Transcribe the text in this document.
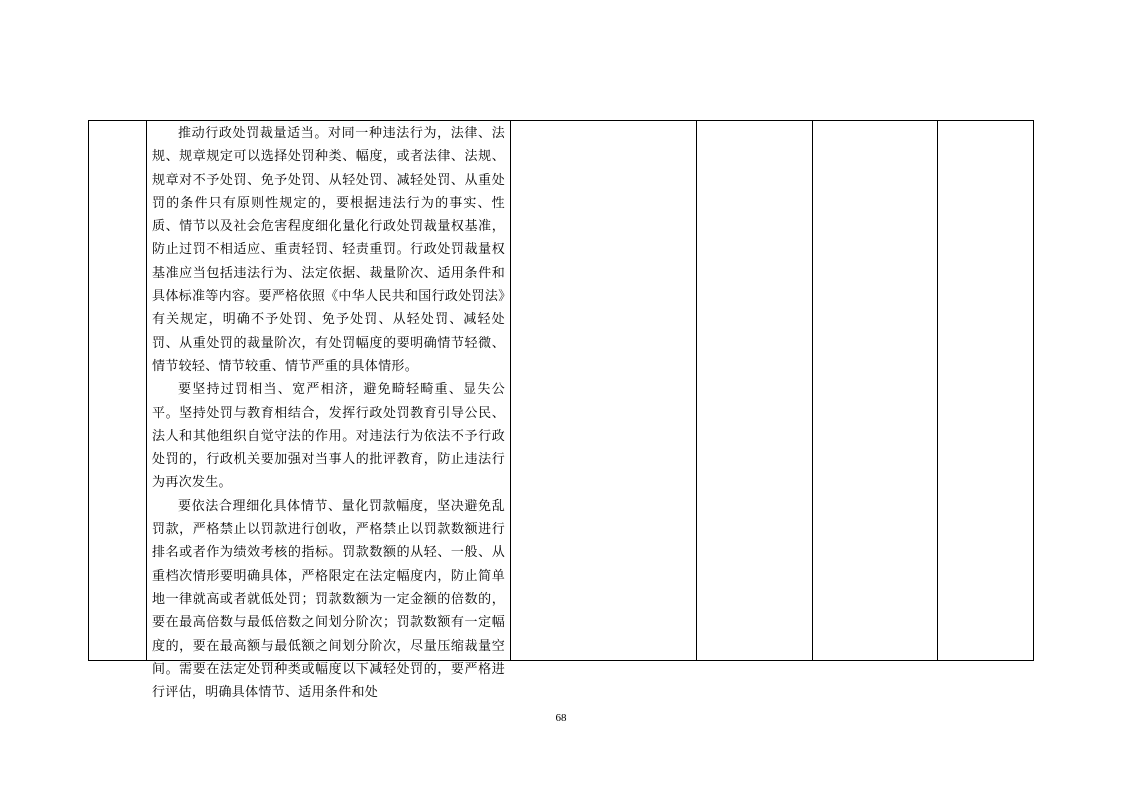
推动行政处罚裁量适当。对同一种违法行为，法律、法规、规章规定可以选择处罚种类、幅度，或者法律、法规、规章对不予处罚、免予处罚、从轻处罚、减轻处罚、从重处罚的条件只有原则性规定的，要根据违法行为的事实、性质、情节以及社会危害程度细化量化行政处罚裁量权基准，防止过罚不相适应、重责轻罚、轻责重罚。行政处罚裁量权基准应当包括违法行为、法定依据、裁量阶次、适用条件和具体标准等内容。要严格依照《中华人民共和国行政处罚法》有关规定，明确不予处罚、免予处罚、从轻处罚、减轻处罚、从重处罚的裁量阶次，有处罚幅度的要明确情节轻微、情节较轻、情节较重、情节严重的具体情形。

要坚持过罚相当、宽严相济，避免畸轻畸重、显失公平。坚持处罚与教育相结合，发挥行政处罚教育引导公民、法人和其他组织自觉守法的作用。对违法行为依法不予行政处罚的，行政机关要加强对当事人的批评教育，防止违法行为再次发生。

要依法合理细化具体情节、量化罚款幅度，坚决避免乱罚款，严格禁止以罚款进行创收，严格禁止以罚款数额进行排名或者作为绩效考核的指标。罚款数额的从轻、一般、从重档次情形要明确具体，严格限定在法定幅度内，防止简单地一律就高或者就低处罚；罚款数额为一定金额的倍数的，要在最高倍数与最低倍数之间划分阶次；罚款数额有一定幅度的，要在最高额与最低额之间划分阶次，尽量压缩裁量空间。需要在法定处罚种类或幅度以下减轻处罚的，要严格进行评估，明确具体情节、适用条件和处

68
